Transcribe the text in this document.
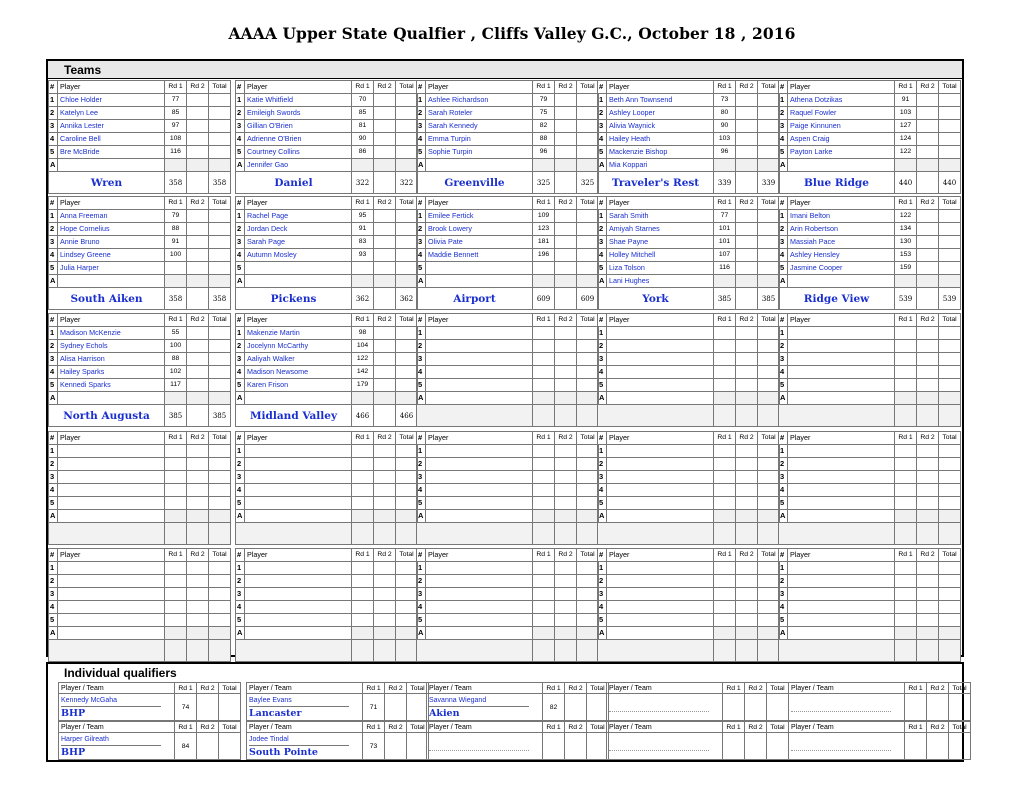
AAAA Upper State Qualfier , Cliffs Valley G.C., October 18 , 2016
Teams
#	Player	Rd 1	Rd 2	Total
1	Chloe Holder	77		
2	Katelyn Lee	85		
3	Annika Lester	97		
4	Caroline Bell	108		
5	Bre McBride	116		
A				
Wren		358		358
#	Player	Rd 1	Rd 2	Total
1	Katie Whitfield	70		
2	Emileigh Swords	85		
3	Gillian O'Brien	81		
4	Adrienne O'Brien	90		
5	Courtney Collins	86		
A	Jennifer Gao			
Daniel		322		322
#	Player	Rd 1	Rd 2	Total
1	Ashlee Richardson	79		
2	Sarah Roteler	75		
3	Sarah Kennedy	82		
4	Emma Turpin	88		
5	Sophie Turpin	96		
A				
Greenville		325		325
#	Player	Rd 1	Rd 2	Total
1	Beth Ann Townsend	73		
2	Ashley Looper	80		
3	Alivia Waynick	90		
4	Hailey Heath	103		
5	Mackenzie Bishop	96		
A	Mia Koppari			
Traveler's Rest		339		339
#	Player	Rd 1	Rd 2	Total
1	Athena Dotzikas	91		
2	Raquel Fowler	103		
3	Paige Kinnunen	127		
4	Aspen Craig	124		
5	Payton Larke	122		
A				
Blue Ridge		440		440
#	Player	Rd 1	Rd 2	Total
1	Anna Freeman	79		
2	Hope Cornelius	88		
3	Annie Bruno	91		
4	Lindsey Greene	100		
5	Julia Harper			
A				
South Aiken		358		358
#	Player	Rd 1	Rd 2	Total
1	Rachel Page	95		
2	Jordan Deck	91		
3	Sarah Page	83		
4	Autumn Mosley	93		
5				
A				
Pickens		362		362
#	Player	Rd 1	Rd 2	Total
1	Emilee Fertick	109		
2	Brook Lowery	123		
3	Olivia Pate	181		
4	Maddie Bennett	196		
5				
A				
Airport		609		609
#	Player	Rd 1	Rd 2	Total
1	Sarah Smith	77		
2	Amiyah Starnes	101		
3	Shae Payne	101		
4	Holley Mitchell	107		
5	Liza Tolson	116		
A	Lani Hughes			
York		385		385
#	Player	Rd 1	Rd 2	Total
1	Imani Belton	122		
2	Arin Robertson	134		
3	Massiah Pace	130		
4	Ashley Hensley	153		
5	Jasmine Cooper	159		
A				
Ridge View		539		539
#	Player	Rd 1	Rd 2	Total
1	Madison McKenzie	55		
2	Sydney Echols	100		
3	Alisa Harrison	88		
4	Hailey Sparks	102		
5	Kennedi Sparks	117		
A				
North Augusta		385		385
#	Player	Rd 1	Rd 2	Total
1	Makenzie Martin	98		
2	Jocelynn McCarthy	104		
3	Aaliyah Walker	122		
4	Madison Newsome	142		
5	Karen Frison	179		
A				
Midland Valley		466		466
#	Player	Rd 1	Rd 2	Total
1				
2				
3				
4				
5				
A				

#	Player	Rd 1	Rd 2	Total
1				
2				
3				
4				
5				
A				

#	Player	Rd 1	Rd 2	Total
1				
2				
3				
4				
5				
A				

#	Player	Rd 1	Rd 2	Total
1				
2				
3				
4				
5				
A				

#	Player	Rd 1	Rd 2	Total
1				
2				
3				
4				
5				
A				

#	Player	Rd 1	Rd 2	Total
1				
2				
3				
4				
5				
A				

#	Player	Rd 1	Rd 2	Total
1				
2				
3				
4				
5				
A				

#	Player	Rd 1	Rd 2	Total
1				
2				
3				
4				
5				
A				

#	Player	Rd 1	Rd 2	Total
1				
2				
3				
4				
5				
A				

#	Player	Rd 1	Rd 2	Total
1				
2				
3				
4				
5				
A				

#	Player	Rd 1	Rd 2	Total
1				
2				
3				
4				
5				
A				

#	Player	Rd 1	Rd 2	Total
1				
2				
3				
4				
5				
A				

#	Player	Rd 1	Rd 2	Total
1				
2				
3				
4				
5				
A				

Individual qualifiers
Player / Team	Rd 1	Rd 2	Total

Kennedy McGaha
BHP	74		
Player / Team	Rd 1	Rd 2	Total

Baylee Evans
Lancaster	71		
Player / Team	Rd 1	Rd 2	Total

Savanna Wiegand
Akien	82		
Player / Team	Rd 1	Rd 2	Total

			Player / Team	Rd 1	Rd 2	Total

Player / Team	Rd 1	Rd 2	Total

Harper Gilreath
BHP	84		
Player / Team	Rd 1	Rd 2	Total

Jodee Tindal
South Pointe	73		
Player / Team	Rd 1	Rd 2	Total

			Player / Team	Rd 1	Rd 2	Total

			Player / Team	Rd 1	Rd 2	Total
